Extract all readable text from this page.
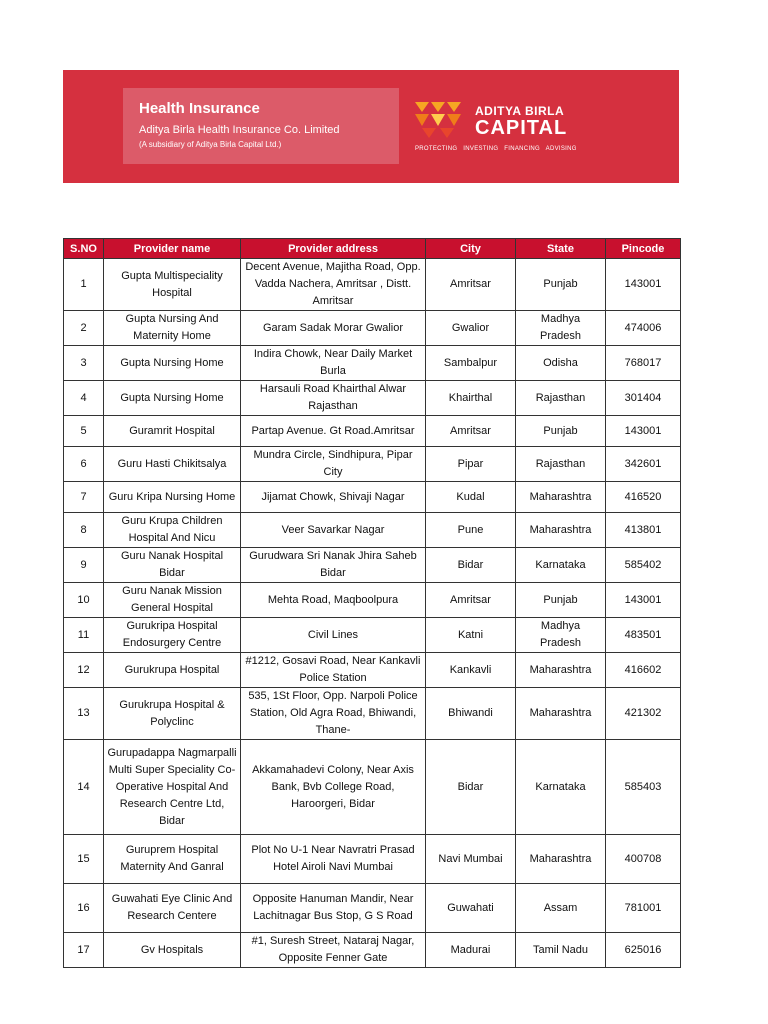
Health Insurance
Aditya Birla Health Insurance Co. Limited
(A subsidiary of Aditya Birla Capital Ltd.)
ADITYA BIRLA
CAPITAL
PROTECTING INVESTING FINANCING ADVISING
S.NO	Provider name	Provider address	City	State	Pincode
1	Gupta Multispeciality Hospital	Decent Avenue, Majitha Road, Opp. Vadda Nachera, Amritsar , Distt. Amritsar	Amritsar	Punjab	143001
2	Gupta Nursing And Maternity Home	Garam Sadak Morar Gwalior	Gwalior	Madhya Pradesh	474006
3	Gupta Nursing Home	Indira Chowk, Near Daily Market Burla	Sambalpur	Odisha	768017
4	Gupta Nursing Home	Harsauli Road Khairthal Alwar Rajasthan	Khairthal	Rajasthan	301404
5	Guramrit Hospital	Partap Avenue. Gt Road.Amritsar	Amritsar	Punjab	143001
6	Guru Hasti Chikitsalya	Mundra Circle, Sindhipura, Pipar City	Pipar	Rajasthan	342601
7	Guru Kripa Nursing Home	Jijamat Chowk, Shivaji Nagar	Kudal	Maharashtra	416520
8	Guru Krupa Children Hospital And Nicu	Veer Savarkar Nagar	Pune	Maharashtra	413801
9	Guru Nanak Hospital Bidar	Gurudwara Sri Nanak Jhira Saheb Bidar	Bidar	Karnataka	585402
10	Guru Nanak Mission General Hospital	Mehta Road, Maqboolpura	Amritsar	Punjab	143001
11	Gurukripa Hospital Endosurgery Centre	Civil Lines	Katni	Madhya Pradesh	483501
12	Gurukrupa Hospital	#1212, Gosavi Road, Near Kankavli Police Station	Kankavli	Maharashtra	416602
13	Gurukrupa Hospital & Polyclinc	535, 1St Floor, Opp. Narpoli Police Station, Old Agra Road, Bhiwandi, Thane-	Bhiwandi	Maharashtra	421302
14	Gurupadappa Nagmarpalli Multi Super Speciality Co-Operative Hospital And Research Centre Ltd, Bidar	Akkamahadevi Colony, Near Axis Bank, Bvb College Road, Haroorgeri, Bidar	Bidar	Karnataka	585403
15	Guruprem Hospital Maternity And Ganral	Plot No U-1 Near Navratri Prasad Hotel Airoli Navi Mumbai	Navi Mumbai	Maharashtra	400708
16	Guwahati Eye Clinic And Research Centere	Opposite Hanuman Mandir, Near Lachitnagar Bus Stop, G S Road	Guwahati	Assam	781001
17	Gv Hospitals	#1, Suresh Street, Nataraj Nagar, Opposite Fenner Gate	Madurai	Tamil Nadu	625016
